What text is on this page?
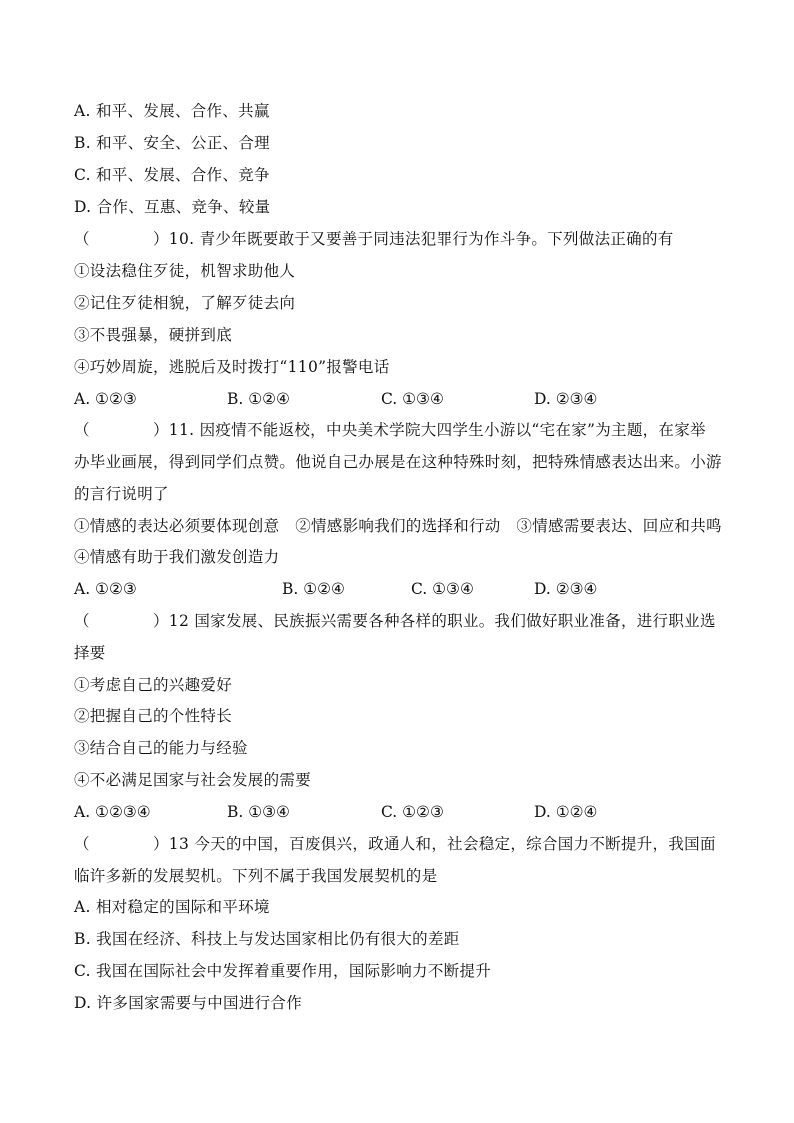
A. 和平、发展、合作、共赢
B. 和平、安全、公正、合理
C. 和平、发展、合作、竞争
D. 合作、互惠、竞争、较量
（　　　　）10. 青少年既要敢于又要善于同违法犯罪行为作斗争。下列做法正确的有
①设法稳住歹徒，机智求助他人
②记住歹徒相貌，了解歹徒去向
③不畏强暴，硬拼到底
④巧妙周旋，逃脱后及时拨打“110”报警电话
A. ①②③	B. ①②④	C. ①③④	D. ②③④
（　　　　）11. 因疫情不能返校，中央美术学院大四学生小游以“宅在家”为主题，在家举
办毕业画展，得到同学们点赞。他说自己办展是在这种特殊时刻，把特殊情感表达出来。小游
的言行说明了
①情感的表达必须要体现创意　②情感影响我们的选择和行动　③情感需要表达、回应和共鸣
④情感有助于我们激发创造力
A. ①②③	B. ①②④	C. ①③④	D. ②③④
（　　　　）12 国家发展、民族振兴需要各种各样的职业。我们做好职业准备，进行职业选
择要
①考虑自己的兴趣爱好
②把握自己的个性特长
③结合自己的能力与经验
④不必满足国家与社会发展的需要
A. ①②③④	B. ①③④	C. ①②③	D. ①②④
（　　　　）13 今天的中国，百废俱兴，政通人和，社会稳定，综合国力不断提升，我国面
临许多新的发展契机。下列不属于我国发展契机的是
A. 相对稳定的国际和平环境
B. 我国在经济、科技上与发达国家相比仍有很大的差距
C. 我国在国际社会中发挥着重要作用，国际影响力不断提升
D. 许多国家需要与中国进行合作
